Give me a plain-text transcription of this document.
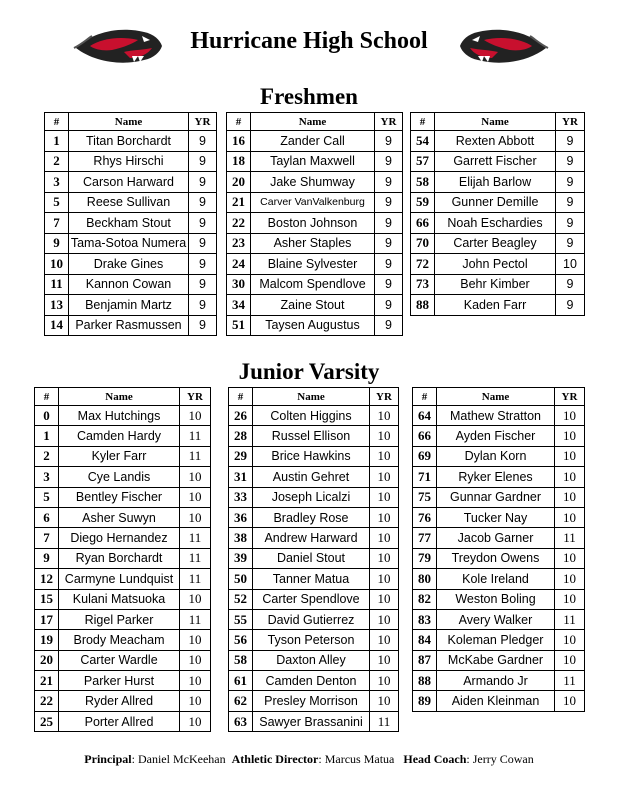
Hurricane High School
Freshmen
#	Name	YR
1	Titan Borchardt	9
2	Rhys Hirschi	9
3	Carson Harward	9
5	Reese Sullivan	9
7	Beckham Stout	9
9	Tama-Sotoa Numera	9
10	Drake Gines	9
11	Kannon Cowan	9
13	Benjamin Martz	9
14	Parker Rasmussen	9
#	Name	YR
16	Zander Call	9
18	Taylan Maxwell	9
20	Jake Shumway	9
21	Carver VanValkenburg	9
22	Boston Johnson	9
23	Asher Staples	9
24	Blaine Sylvester	9
30	Malcom Spendlove	9
34	Zaine Stout	9
51	Taysen Augustus	9
#	Name	YR
54	Rexten Abbott	9
57	Garrett Fischer	9
58	Elijah Barlow	9
59	Gunner Demille	9
66	Noah Eschardies	9
70	Carter Beagley	9
72	John Pectol	10
73	Behr Kimber	9
88	Kaden Farr	9
Junior Varsity
#	Name	YR
0	Max Hutchings	10
1	Camden Hardy	11
2	Kyler Farr	11
3	Cye Landis	10
5	Bentley Fischer	10
6	Asher Suwyn	10
7	Diego Hernandez	11
9	Ryan Borchardt	11
12	Carmyne Lundquist	11
15	Kulani Matsuoka	10
17	Rigel Parker	11
19	Brody Meacham	10
20	Carter Wardle	10
21	Parker Hurst	10
22	Ryder Allred	10
25	Porter Allred	10
#	Name	YR
26	Colten Higgins	10
28	Russel Ellison	10
29	Brice Hawkins	10
31	Austin Gehret	10
33	Joseph Licalzi	10
36	Bradley Rose	10
38	Andrew Harward	10
39	Daniel Stout	10
50	Tanner Matua	10
52	Carter Spendlove	10
55	David Gutierrez	10
56	Tyson Peterson	10
58	Daxton Alley	10
61	Camden Denton	10
62	Presley Morrison	10
63	Sawyer Brassanini	11
#	Name	YR
64	Mathew Stratton	10
66	Ayden Fischer	10
69	Dylan Korn	10
71	Ryker Elenes	10
75	Gunnar Gardner	10
76	Tucker Nay	10
77	Jacob Garner	11
79	Treydon Owens	10
80	Kole Ireland	10
82	Weston Boling	10
83	Avery Walker	11
84	Koleman Pledger	10
87	McKabe Gardner	10
88	Armando Jr	11
89	Aiden Kleinman	10
Principal: Daniel McKeehan Athletic Director: Marcus Matua Head Coach: Jerry Cowan
